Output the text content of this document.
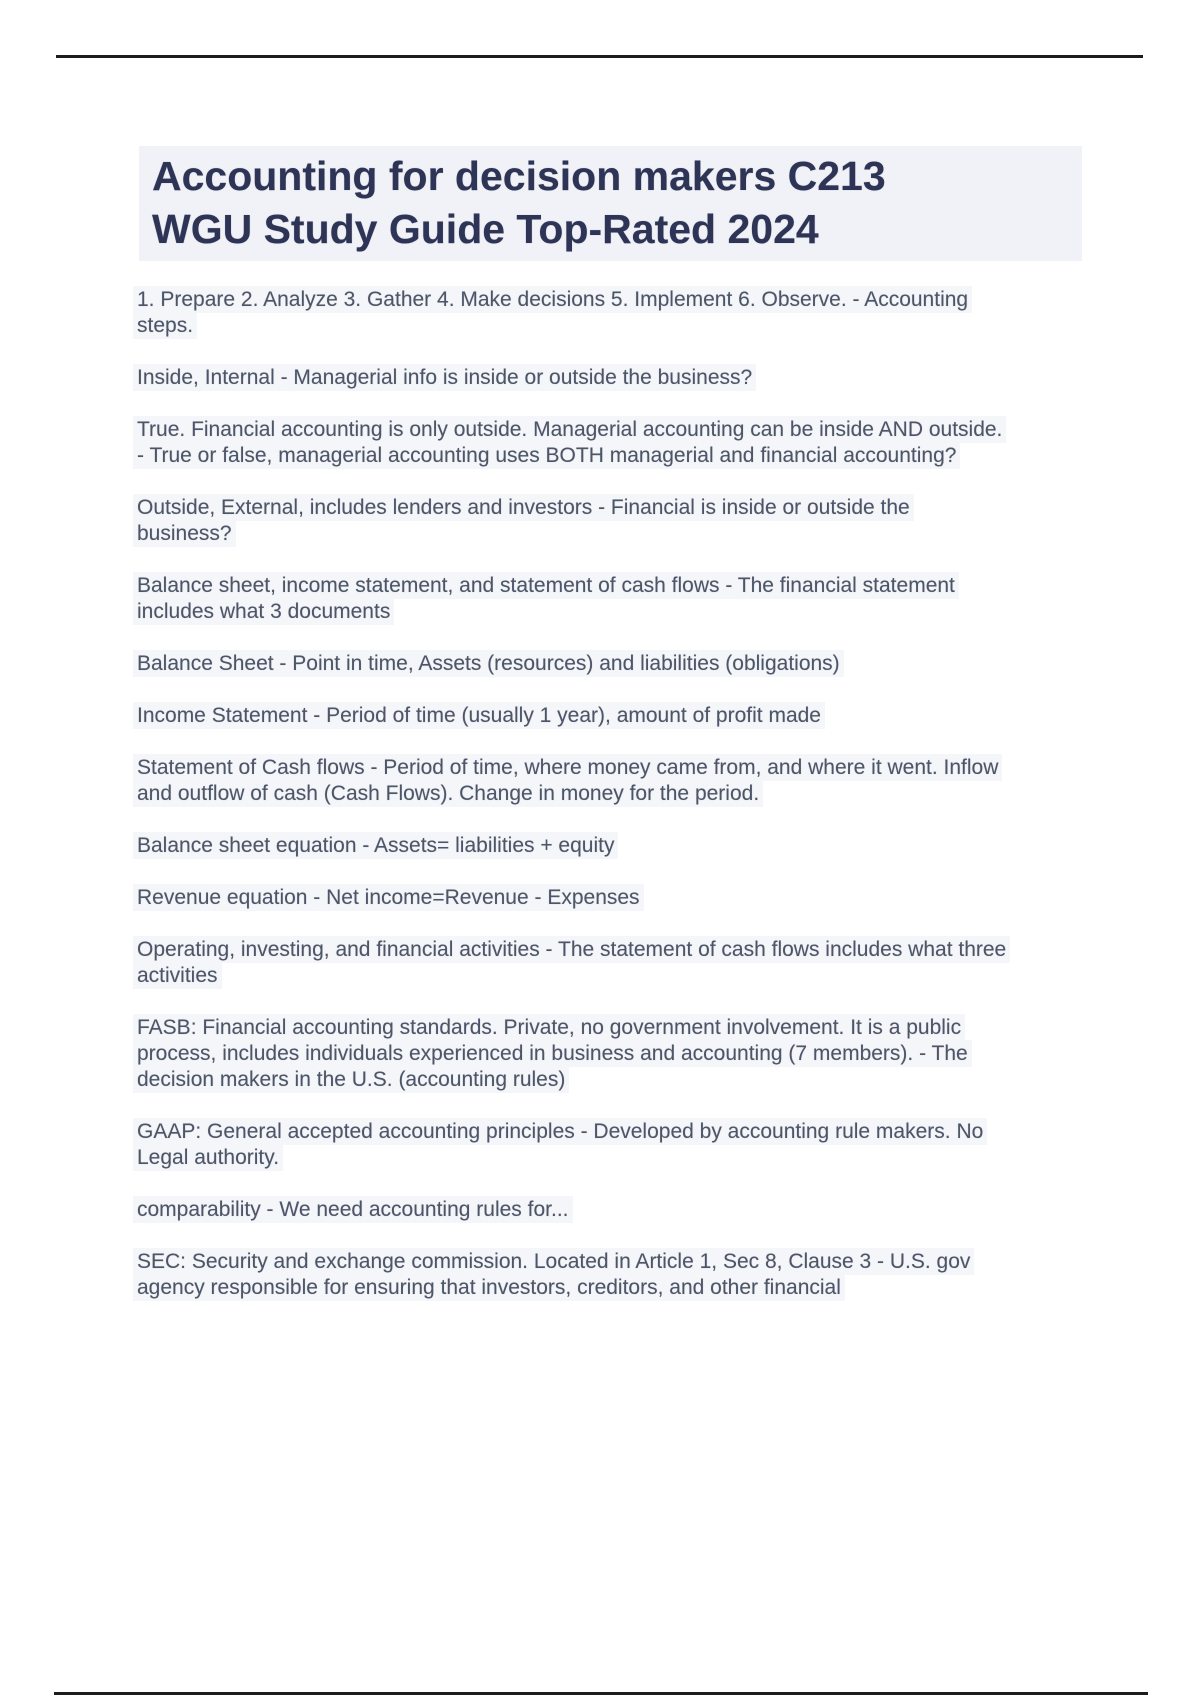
Accounting for decision makers C213
WGU Study Guide Top-Rated 2024

1. Prepare 2. Analyze 3. Gather 4. Make decisions 5. Implement 6. Observe. - Accounting steps.

Inside, Internal - Managerial info is inside or outside the business?

True. Financial accounting is only outside. Managerial accounting can be inside AND outside. - True or false, managerial accounting uses BOTH managerial and financial accounting?

Outside, External, includes lenders and investors - Financial is inside or outside the business?

Balance sheet, income statement, and statement of cash flows - The financial statement includes what 3 documents

Balance Sheet - Point in time, Assets (resources) and liabilities (obligations)

Income Statement - Period of time (usually 1 year), amount of profit made

Statement of Cash flows - Period of time, where money came from, and where it went. Inflow and outflow of cash (Cash Flows). Change in money for the period.

Balance sheet equation - Assets= liabilities + equity

Revenue equation - Net income=Revenue - Expenses

Operating, investing, and financial activities - The statement of cash flows includes what three activities

FASB: Financial accounting standards. Private, no government involvement. It is a public process, includes individuals experienced in business and accounting (7 members). - The decision makers in the U.S. (accounting rules)

GAAP: General accepted accounting principles - Developed by accounting rule makers. No Legal authority.

comparability - We need accounting rules for...

SEC: Security and exchange commission. Located in Article 1, Sec 8, Clause 3 - U.S. gov agency responsible for ensuring that investors, creditors, and other financial
